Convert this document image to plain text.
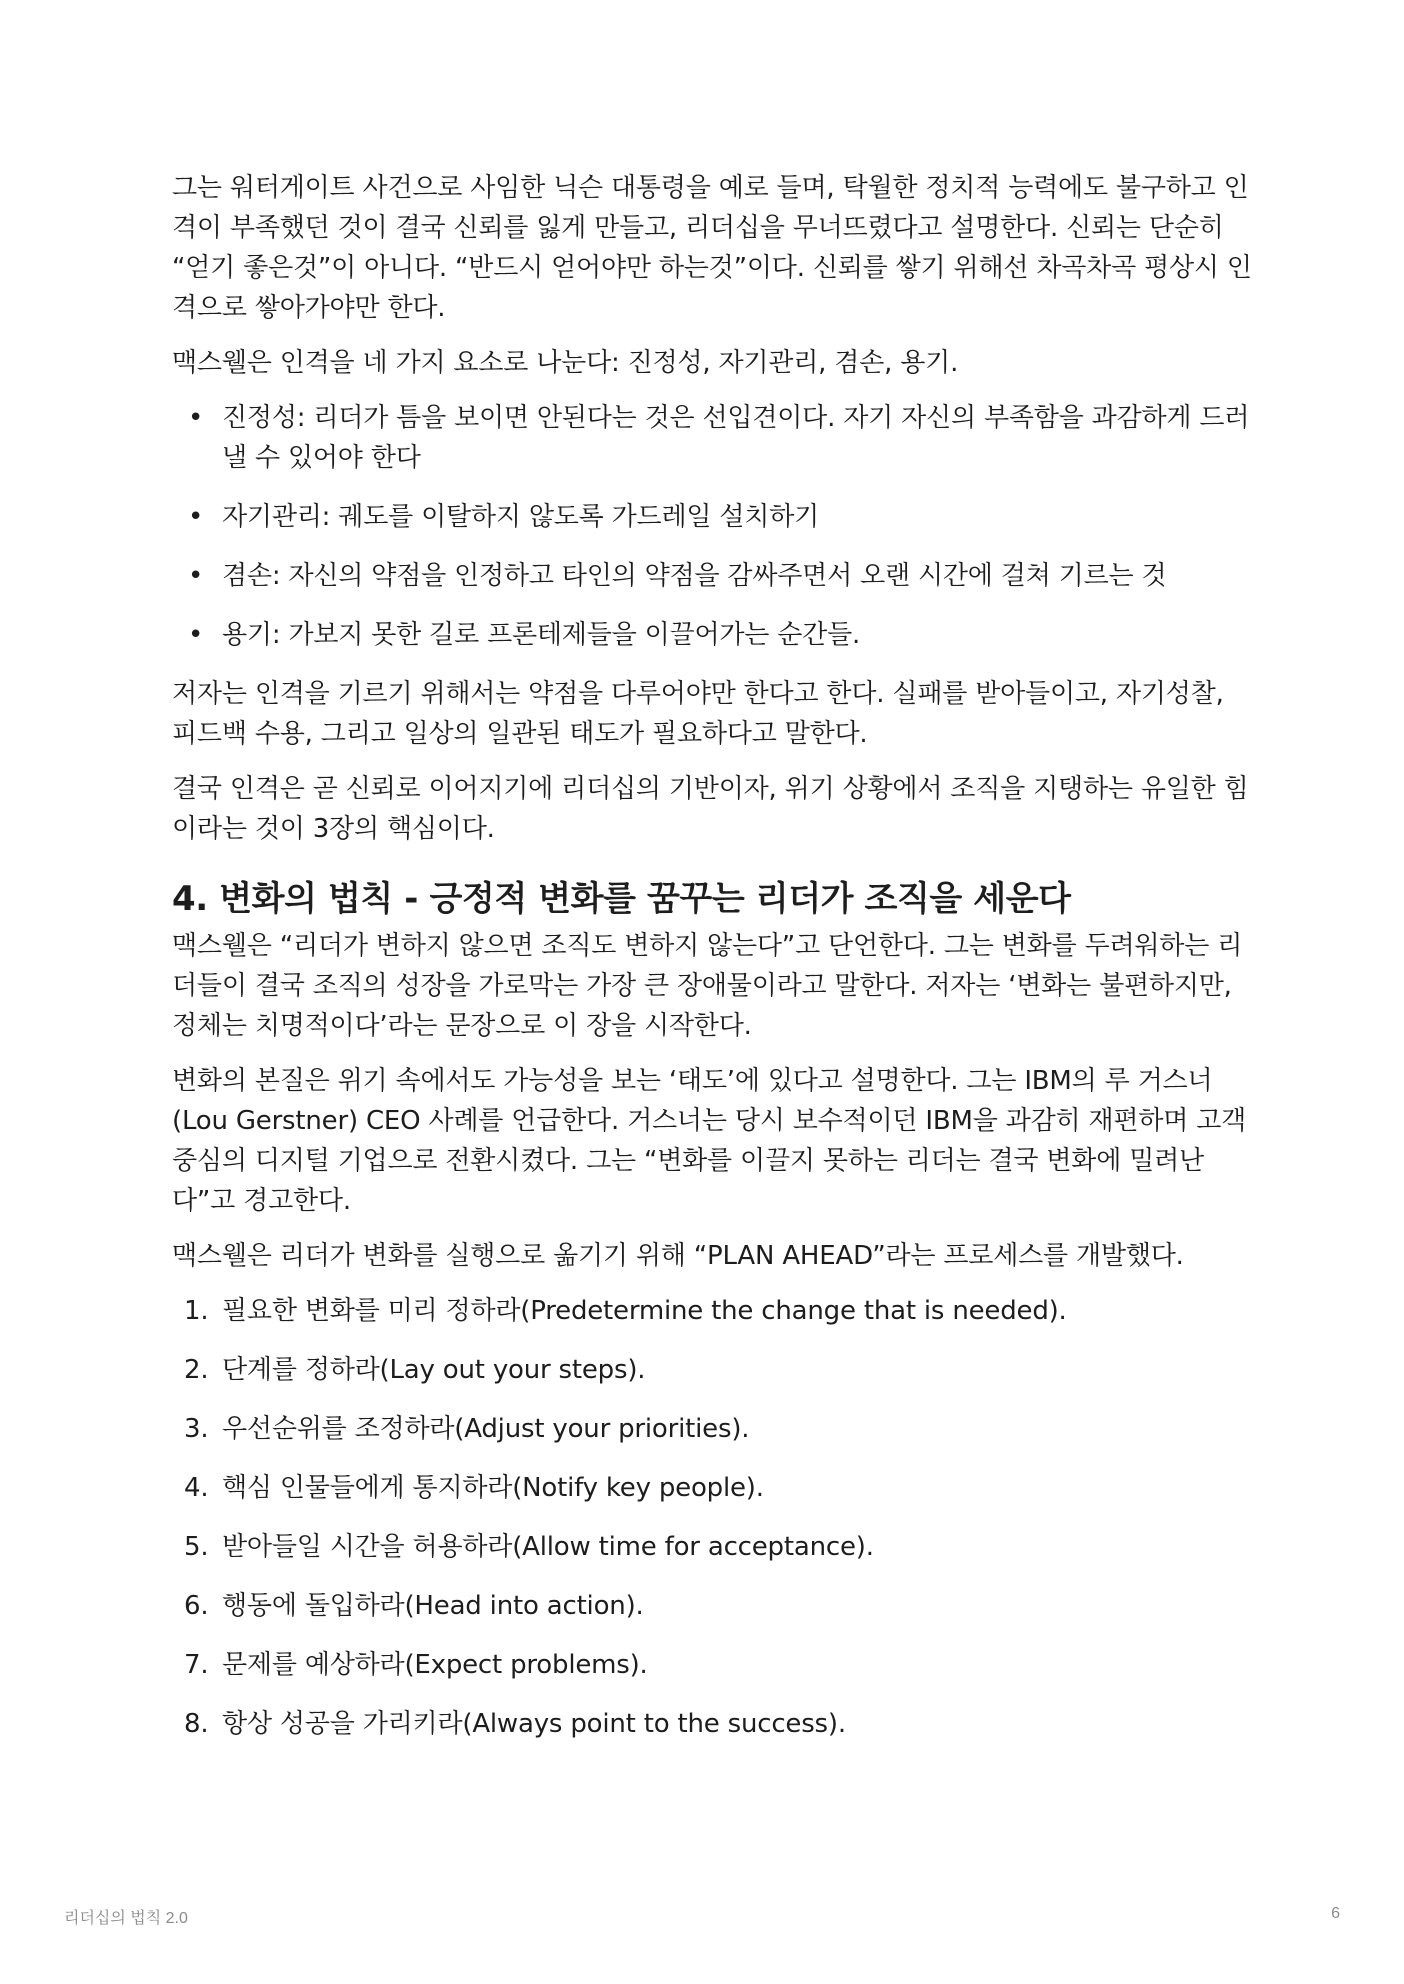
그는 워터게이트 사건으로 사임한 닉슨 대통령을 예로 들며, 탁월한 정치적 능력에도 불구하고 인격이 부족했던 것이 결국 신뢰를 잃게 만들고, 리더십을 무너뜨렸다고 설명한다. 신뢰는 단순히 “얻기 좋은것”이 아니다. “반드시 얻어야만 하는것”이다. 신뢰를 쌓기 위해선 차곡차곡 평상시 인격으로 쌓아가야만 한다.

맥스웰은 인격을 네 가지 요소로 나눈다: 진정성, 자기관리, 겸손, 용기.

• 진정성: 리더가 틈을 보이면 안된다는 것은 선입견이다. 자기 자신의 부족함을 과감하게 드러낼 수 있어야 한다
• 자기관리: 궤도를 이탈하지 않도록 가드레일 설치하기
• 겸손: 자신의 약점을 인정하고 타인의 약점을 감싸주면서 오랜 시간에 걸쳐 기르는 것
• 용기: 가보지 못한 길로 프론테제들을 이끌어가는 순간들.

저자는 인격을 기르기 위해서는 약점을 다루어야만 한다고 한다. 실패를 받아들이고, 자기성찰, 피드백 수용, 그리고 일상의 일관된 태도가 필요하다고 말한다.

결국 인격은 곧 신뢰로 이어지기에 리더십의 기반이자, 위기 상황에서 조직을 지탱하는 유일한 힘이라는 것이 3장의 핵심이다.

4. 변화의 법칙 - 긍정적 변화를 꿈꾸는 리더가 조직을 세운다

맥스웰은 “리더가 변하지 않으면 조직도 변하지 않는다”고 단언한다. 그는 변화를 두려워하는 리더들이 결국 조직의 성장을 가로막는 가장 큰 장애물이라고 말한다. 저자는 ‘변화는 불편하지만, 정체는 치명적이다’라는 문장으로 이 장을 시작한다.

변화의 본질은 위기 속에서도 가능성을 보는 ‘태도’에 있다고 설명한다. 그는 IBM의 루 거스너(Lou Gerstner) CEO 사례를 언급한다. 거스너는 당시 보수적이던 IBM을 과감히 재편하며 고객 중심의 디지털 기업으로 전환시켰다. 그는 “변화를 이끌지 못하는 리더는 결국 변화에 밀려난다”고 경고한다.

맥스웰은 리더가 변화를 실행으로 옮기기 위해 “PLAN AHEAD”라는 프로세스를 개발했다.

1. 필요한 변화를 미리 정하라(Predetermine the change that is needed).
2. 단계를 정하라(Lay out your steps).
3. 우선순위를 조정하라(Adjust your priorities).
4. 핵심 인물들에게 통지하라(Notify key people).
5. 받아들일 시간을 허용하라(Allow time for acceptance).
6. 행동에 돌입하라(Head into action).
7. 문제를 예상하라(Expect problems).
8. 항상 성공을 가리키라(Always point to the success).
리더십의 법칙 2.0	6
